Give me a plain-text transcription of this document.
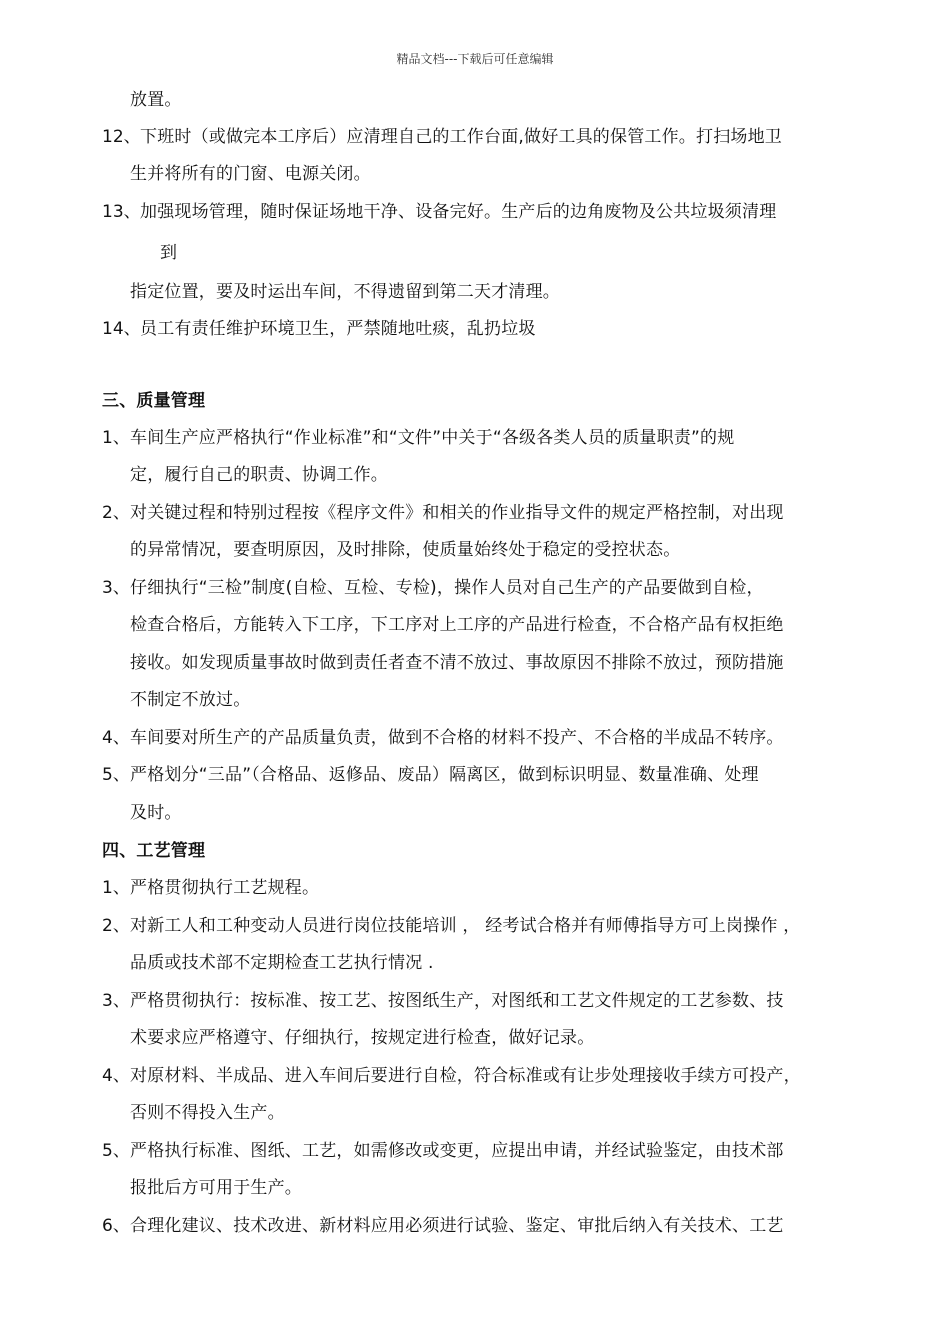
精品文档---下载后可任意编辑
放置。
12、 下班时（或做完本工序后）应清理自己的工作台面,做好工具的保管工作。打扫场地卫
生并将所有的门窗、电源关闭。
13、 加强现场管理，随时保证场地干净、设备完好。生产后的边角废物及公共垃圾须清理
到
指定位置，要及时运出车间，不得遗留到第二天才清理。
14、 员工有责任维护环境卫生，严禁随地吐痰，乱扔垃圾
三、质量管理
1、 车间生产应严格执行“作业标准”和“文件”中关于“各级各类人员的质量职责”的规
定，履行自己的职责、协调工作。
2、 对关键过程和特别过程按《程序文件》和相关的作业指导文件的规定严格控制，对出现
的异常情况，要查明原因，及时排除，使质量始终处于稳定的受控状态。
3、 仔细执行“三检”制度(自检、互检、专检)，操作人员对自己生产的产品要做到自检，
检查合格后，方能转入下工序，下工序对上工序的产品进行检查，不合格产品有权拒绝
接收。如发现质量事故时做到责任者查不清不放过、事故原因不排除不放过，预防措施
不制定不放过。
4、 车间要对所生产的产品质量负责，做到不合格的材料不投产、不合格的半成品不转序。
5、 严格划分“三品”（合格品、返修品、废品）隔离区，做到标识明显、数量准确、处理
及时。
四、工艺管理
1、 严格贯彻执行工艺规程。
2、 对新工人和工种变动人员进行岗位技能培训 ， 经考试合格并有师傅指导方可上岗操作 ，
品质或技术部不定期检查工艺执行情况 .
3、 严格贯彻执行：按标准、按工艺、按图纸生产，对图纸和工艺文件规定的工艺参数、技
术要求应严格遵守、仔细执行，按规定进行检查，做好记录。
4、 对原材料、半成品、进入车间后要进行自检，符合标准或有让步处理接收手续方可投产，
否则不得投入生产。
5、 严格执行标准、图纸、工艺，如需修改或变更，应提出申请，并经试验鉴定，由技术部
报批后方可用于生产。
6、 合理化建议、技术改进、新材料应用必须进行试验、鉴定、审批后纳入有关技术、工艺
